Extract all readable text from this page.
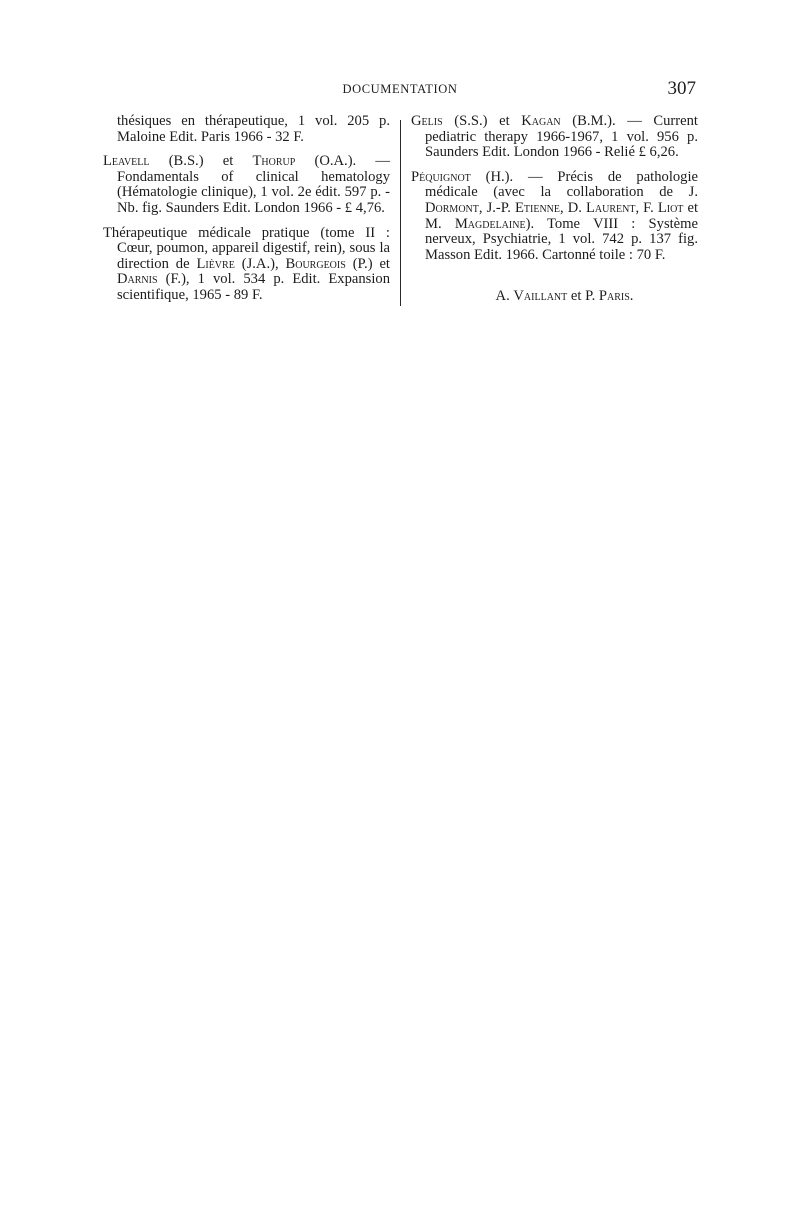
DOCUMENTATION	307

thésiques en thérapeutique, 1 vol. 205 p. Maloine Edit. Paris 1966 - 32 F.

Leavell (B.S.) et Thorup (O.A.). — Fondamentals of clinical hematology (Hématologie clinique), 1 vol. 2e édit. 597 p. - Nb. fig. Saunders Edit. London 1966 - £ 4,76.

Thérapeutique médicale pratique (tome II : Cœur, poumon, appareil digestif, rein), sous la direction de Lièvre (J.A.), Bourgeois (P.) et Darnis (F.), 1 vol. 534 p. Edit. Expansion scientifique, 1965 - 89 F.

Gelis (S.S.) et Kagan (B.M.). — Current pediatric therapy 1966-1967, 1 vol. 956 p. Saunders Edit. London 1966 - Relié £ 6,26.

Péquignot (H.). — Précis de pathologie médicale (avec la collaboration de J. Dormont, J.-P. Etienne, D. Laurent, F. Liot et M. Magdelaine). Tome VIII : Système nerveux, Psychiatrie, 1 vol. 742 p. 137 fig. Masson Edit. 1966. Cartonné toile : 70 F.

A. Vaillant et P. Paris.
